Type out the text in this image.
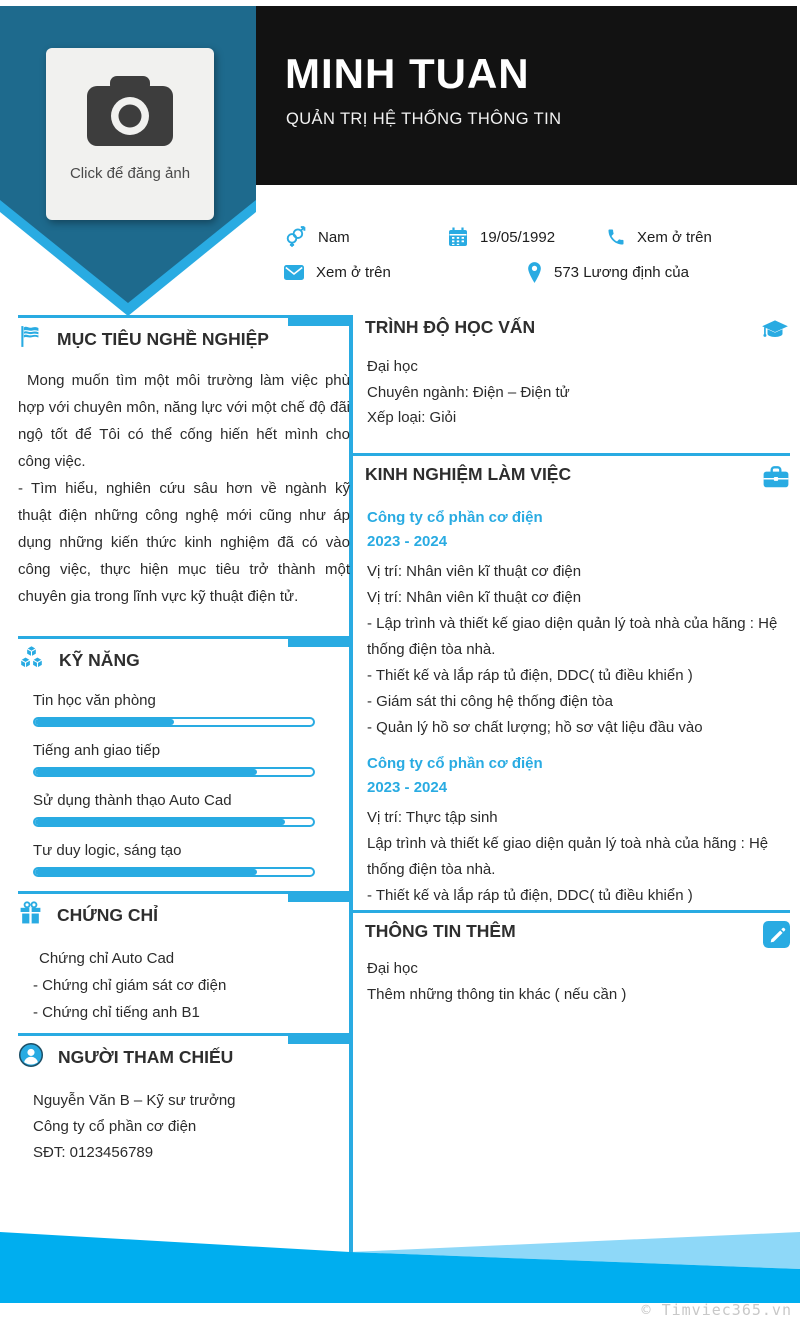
MINH TUAN
QUẢN TRỊ HỆ THỐNG THÔNG TIN
Click để đăng ảnh
Nam	19/05/1992	Xem ở trên
Xem ở trên	573 Lương định của
MỤC TIÊU NGHỀ NGHIỆP
Mong muốn tìm một môi trường làm việc phù hợp với chuyên môn, năng lực với một chế độ đãi ngộ tốt để Tôi có thể cống hiến hết mình cho công việc.
- Tìm hiểu, nghiên cứu sâu hơn về ngành kỹ thuật điện những công nghệ mới cũng như áp dụng những kiến thức kinh nghiệm đã có vào công việc, thực hiện mục tiêu trở thành một chuyên gia trong lĩnh vực kỹ thuật điện tử.
KỸ NĂNG
Tin học văn phòng
Tiếng anh giao tiếp
Sử dụng thành thạo Auto Cad
Tư duy logic, sáng tạo
CHỨNG CHỈ
Chứng chỉ Auto Cad
- Chứng chỉ giám sát cơ điện
- Chứng chỉ tiếng anh B1
NGƯỜI THAM CHIẾU
Nguyễn Văn B – Kỹ sư trưởng
Công ty cổ phần cơ điện
SĐT: 0123456789
TRÌNH ĐỘ HỌC VẤN
Đại học
Chuyên ngành: Điện – Điện tử
Xếp loại: Giỏi
KINH NGHIỆM LÀM VIỆC
Công ty cổ phần cơ điện
2023 - 2024
Vị trí: Nhân viên kĩ thuật cơ điện
Vị trí: Nhân viên kĩ thuật cơ điện
- Lập trình và thiết kế giao diện quản lý toà nhà của hãng : Hệ thống điện tòa nhà.
- Thiết kế và lắp ráp tủ điện, DDC( tủ điều khiển )
- Giám sát thi công hệ thống điện tòa
- Quản lý hồ sơ chất lượng; hồ sơ vật liệu đầu vào
Công ty cổ phần cơ điện
2023 - 2024
Vị trí: Thực tập sinh
Lập trình và thiết kế giao diện quản lý toà nhà của hãng : Hệ thống điện tòa nhà.
- Thiết kế và lắp ráp tủ điện, DDC( tủ điều khiển )
THÔNG TIN THÊM
Đại học
Thêm những thông tin khác ( nếu cần )
© Timviec365.vn
